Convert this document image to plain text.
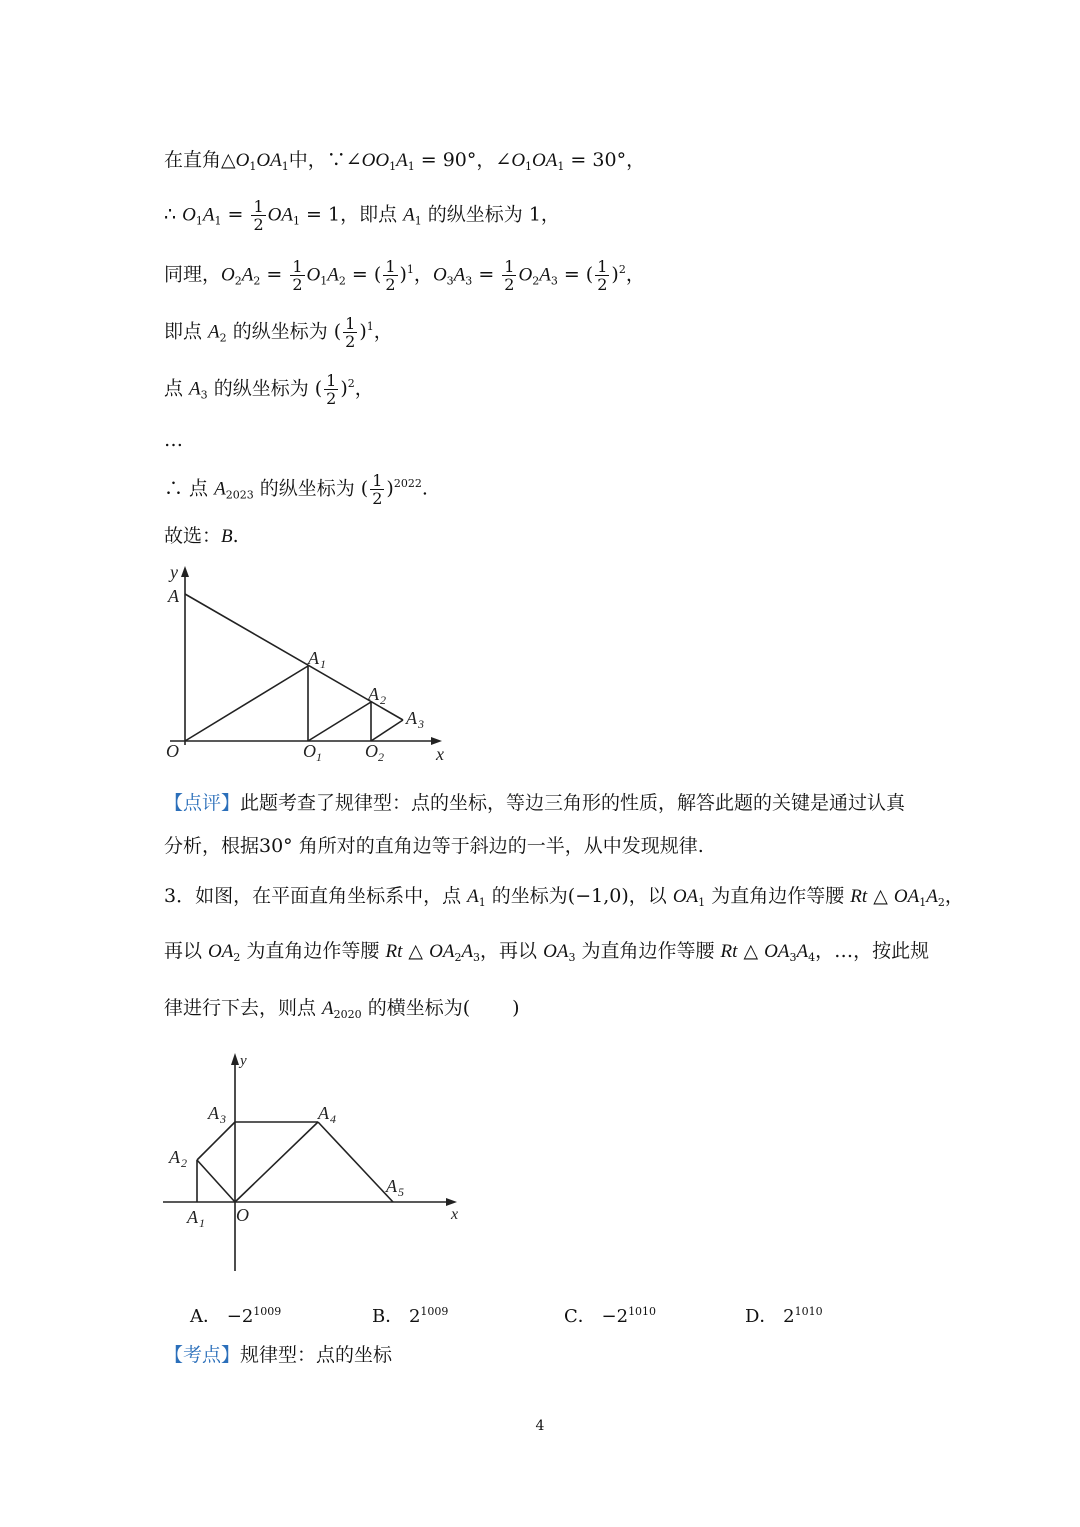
在直角$\triangle O_1OA_1$中，$\because\angle OO_1A_1 = 90^\circ$，$\angle O_1OA_1 = 30^\circ$，
∴ $O_1A_1 = \frac{1}{2} OA_1 = 1$，即点 $A_1$ 的纵坐标为 1，
同理，$O_2A_2 = \frac{1}{2} O_1A_2$ = ( $\frac{1}{2} )^1$，$O_3A_3 = \frac{1}{2} O_2A_3$ = ( $\frac{1}{2} )^2$，
即点 $A_2$ 的纵坐标为 ( $\frac{1}{2} )^1$，
点 $A_3$ 的纵坐标为 ( $\frac{1}{2} )^2$，
…
∴ 点 $A_{2023}$ 的纵坐标为 ( $\frac{1}{2} )^{2022}$.
故选：B.
y
A
A 1
A 2
A 3
O	O 1 O 2	x
【点评】此题考查了规律型：点的坐标，等边三角形的性质，解答此题的关键是通过认真
分析，根据30° 角所对的直角边等于斜边的一半，从中发现规律.
3．如图，在平面直角坐标系中，点 $A_1$ 的坐标为(−1,0)，以 $OA_1$ 为直角边作等腰 Rt △ $OA_1A_2$，
再以 $OA_2$ 为直角边作等腰 Rt △ $OA_2A_3$，再以 $OA_3$ 为直角边作等腰 Rt △ $OA_3A_4$，…，按此规
律进行下去，则点 $A_{2020}$ 的横坐标为( )
y
A 3	A 4
A 2
A 5
A 1 O	x
A． $-2^{1009}$	B． $2^{1009}$	C． $-2^{1010}$	D． $2^{1010}$
【考点】规律型：点的坐标
4
